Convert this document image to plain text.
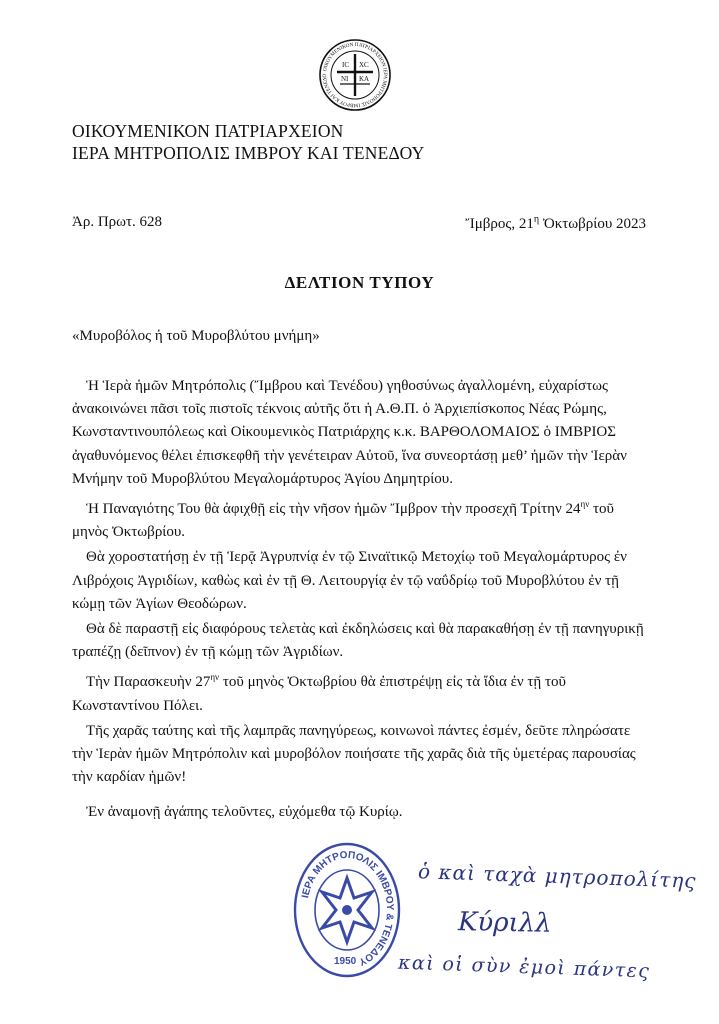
ΟΙΚΟΥΜΕΝΙΚΟΝ ΠΑΤΡΙΑΡΧΕΙΟΝ ΙΕΡΑ ΜΗΤΡΟΠΟΛΙΣ ΙΜΒΡΟΥ ΚΑΙ ΤΕΝΕΔΟ
IC XC
ΝΙ ΚΑ
ΟΙΚΟΥΜΕΝΙΚΟΝ ΠΑΤΡΙΑΡΧΕΙΟΝ
ΙΕΡΑ ΜΗΤΡΟΠΟΛΙΣ ΙΜΒΡΟΥ ΚΑΙ ΤΕΝΕΔΟΥ
Ἀρ. Πρωτ. 628	Ἴμβρος, $21^\eta$ Ὀκτωβρίου 2023
ΔΕΛΤΙΟΝ ΤΥΠΟΥ
«Μυροβόλος ἡ τοῦ Μυροβλύτου μνήμη»

Ἡ Ἱερὰ ἡμῶν Μητρόπολις (Ἴμβρου καὶ Τενέδου) γηθοσύνως ἀγαλλομένη, εὐχαρίστως ἀνακοινώνει πᾶσι τοῖς πιστοῖς τέκνοις αὐτῆς ὅτι ἡ Α.Θ.Π. ὁ Ἀρχιεπίσκοπος Νέας Ρώμης, Κωνσταντινουπόλεως καὶ Οἰκουμενικὸς Πατριάρχης κ.κ. ΒΑΡΘΟΛΟΜΑΙΟΣ ὁ ΙΜΒΡΙΟΣ ἀγαθυνόμενος θέλει ἐπισκεφθῆ τὴν γενέτειραν Αὐτοῦ, ἵνα συνεορτάσῃ μεθ’ ἡμῶν τὴν Ἱερὰν Μνήμην τοῦ Μυροβλύτου Μεγαλομάρτυρος Ἁγίου Δημητρίου.

Ἡ Παναγιότης Του θὰ ἀφιχθῇ εἰς τὴν νῆσον ἡμῶν Ἴμβρον τὴν προσεχῆ Τρίτην $24^{\eta\nu}$ τοῦ μηνὸς Ὀκτωβρίου.

Θὰ χοροστατήσῃ ἐν τῇ Ἱερᾷ Ἀγρυπνίᾳ ἐν τῷ Σιναϊτικῷ Μετοχίῳ τοῦ Μεγαλομάρτυρος ἐν Λιβρόχοις Ἀγριδίων, καθὼς καὶ ἐν τῇ Θ. Λειτουργίᾳ ἐν τῷ ναΰδρίῳ τοῦ Μυροβλύτου ἐν τῇ κώμῃ τῶν Ἁγίων Θεοδώρων.

Θὰ δὲ παραστῇ εἰς διαφόρους τελετὰς καὶ ἐκδηλώσεις καὶ θὰ παρακαθήσῃ ἐν τῇ πανηγυρικῇ τραπέζῃ (δεῖπνον) ἐν τῇ κώμῃ τῶν Ἀγριδίων.

Τὴν Παρασκευὴν $27^{\eta\nu}$ τοῦ μηνὸς Ὀκτωβρίου θὰ ἐπιστρέψῃ εἰς τὰ ἴδια ἐν τῇ τοῦ Κωνσταντίνου Πόλει.

Τῆς χαρᾶς ταύτης καὶ τῆς λαμπρᾶς πανηγύρεως, κοινωνοὶ πάντες ἐσμέν, δεῦτε πληρώσατε τὴν Ἱερὰν ἡμῶν Μητρόπολιν καὶ μυροβόλον ποιήσατε τῆς χαρᾶς διὰ τῆς ὑμετέρας παρουσίας τὴν καρδίαν ἡμῶν!

Ἐν ἀναμονῇ ἀγάπης τελοῦντες, εὐχόμεθα τῷ Κυρίῳ.
ΙΕΡΑ ΜΗΤΡΟΠΟΛΙΣ ΙΜΒΡΟΥ & ΤΕΝΕΔΟΥ
1950
ὁ καὶ ταχὰ μητροπολίτης
Κύριλλ
καὶ οἱ σὺν ἐμοὶ πάντες
